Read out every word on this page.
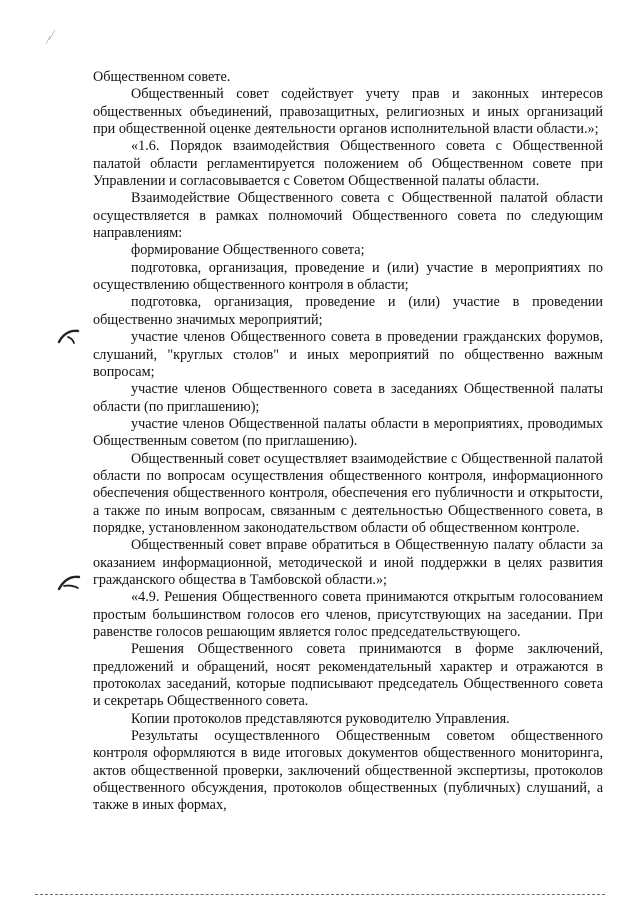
Общественном совете.

Общественный совет содействует учету прав и законных интересов общественных объединений, правозащитных, религиозных и иных организаций при общественной оценке деятельности органов исполнительной власти области.»;

«1.6. Порядок взаимодействия Общественного совета с Общественной палатой области регламентируется положением об Общественном совете при Управлении и согласовывается с Советом Общественной палаты области.

Взаимодействие Общественного совета с Общественной палатой области осуществляется в рамках полномочий Общественного совета по следующим направлениям:

формирование Общественного совета;

подготовка, организация, проведение и (или) участие в мероприятиях по осуществлению общественного контроля в области;

подготовка, организация, проведение и (или) участие в проведении общественно значимых мероприятий;

участие членов Общественного совета в проведении гражданских форумов, слушаний, "круглых столов" и иных мероприятий по общественно важным вопросам;

участие членов Общественного совета в заседаниях Общественной палаты области (по приглашению);

участие членов Общественной палаты области в мероприятиях, проводимых Общественным советом (по приглашению).

Общественный совет осуществляет взаимодействие с Общественной палатой области по вопросам осуществления общественного контроля, информационного обеспечения общественного контроля, обеспечения его публичности и открытости, а также по иным вопросам, связанным с деятельностью Общественного совета, в порядке, установленном законодательством области об общественном контроле.

Общественный совет вправе обратиться в Общественную палату области за оказанием информационной, методической и иной поддержки в целях развития гражданского общества в Тамбовской области.»;

«4.9. Решения Общественного совета принимаются открытым голосованием простым большинством голосов его членов, присутствующих на заседании. При равенстве голосов решающим является голос председательствующего.

Решения Общественного совета принимаются в форме заключений, предложений и обращений, носят рекомендательный характер и отражаются в протоколах заседаний, которые подписывают председатель Общественного совета и секретарь Общественного совета.

Копии протоколов представляются руководителю Управления.

Результаты осуществленного Общественным советом общественного контроля оформляются в виде итоговых документов общественного мониторинга, актов общественной проверки, заключений общественной экспертизы, протоколов общественного обсуждения, протоколов общественных (публичных) слушаний, а также в иных формах,
